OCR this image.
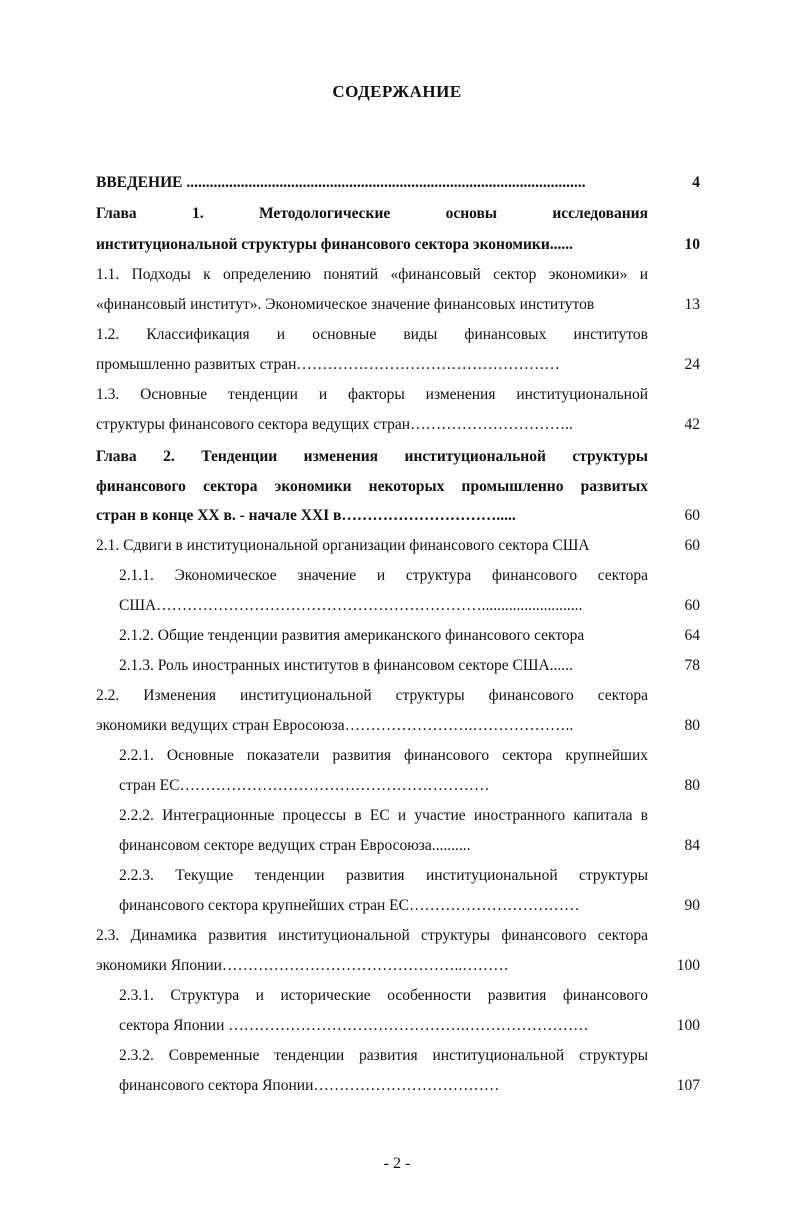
СОДЕРЖАНИЕ
ВВЕДЕНИЕ .......................................................................................................	4
Глава 1. Методологические основы исследования
институциональной структуры финансового сектора экономики......	10
1.1. Подходы к определению понятий «финансовый сектор экономики» и
«финансовый институт». Экономическое значение финансовых институтов	13
1.2. Классификация и основные виды финансовых институтов
промышленно развитых стран……………………………………………	24
1.3. Основные тенденции и факторы изменения институциональной
структуры финансового сектора ведущих стран…………………………..	42
Глава 2. Тенденции изменения институциональной структуры
финансового сектора экономики некоторых промышленно развитых
стран в конце XX в. - начале XXI в………………………….....	60
2.1. Сдвиги в институциональной организации финансового сектора США	60
2.1.1. Экономическое значение и структура финансового сектора
США………………………………………………………..........................	60
2.1.2. Общие тенденции развития американского финансового сектора	64
2.1.3. Роль иностранных институтов в финансовом секторе США......	78
2.2. Изменения институциональной структуры финансового сектора
экономики ведущих стран Евросоюза…………………….………………..	80
2.2.1. Основные показатели развития финансового сектора крупнейших
стран ЕС……………………………………………………	80
2.2.2. Интеграционные процессы в ЕС и участие иностранного капитала в
финансовом секторе ведущих стран Евросоюза..........	84
2.2.3. Текущие тенденции развития институциональной структуры
финансового сектора крупнейших стран ЕС……………………………	90
2.3. Динамика развития институциональной структуры финансового сектора
экономики Японии………………………………………..………	100
2.3.1. Структура и исторические особенности развития финансового
сектора Японии ……………………………………….……………………	100
2.3.2. Современные тенденции развития институциональной структуры
финансового сектора Японии………………………………	107
- 2 -
